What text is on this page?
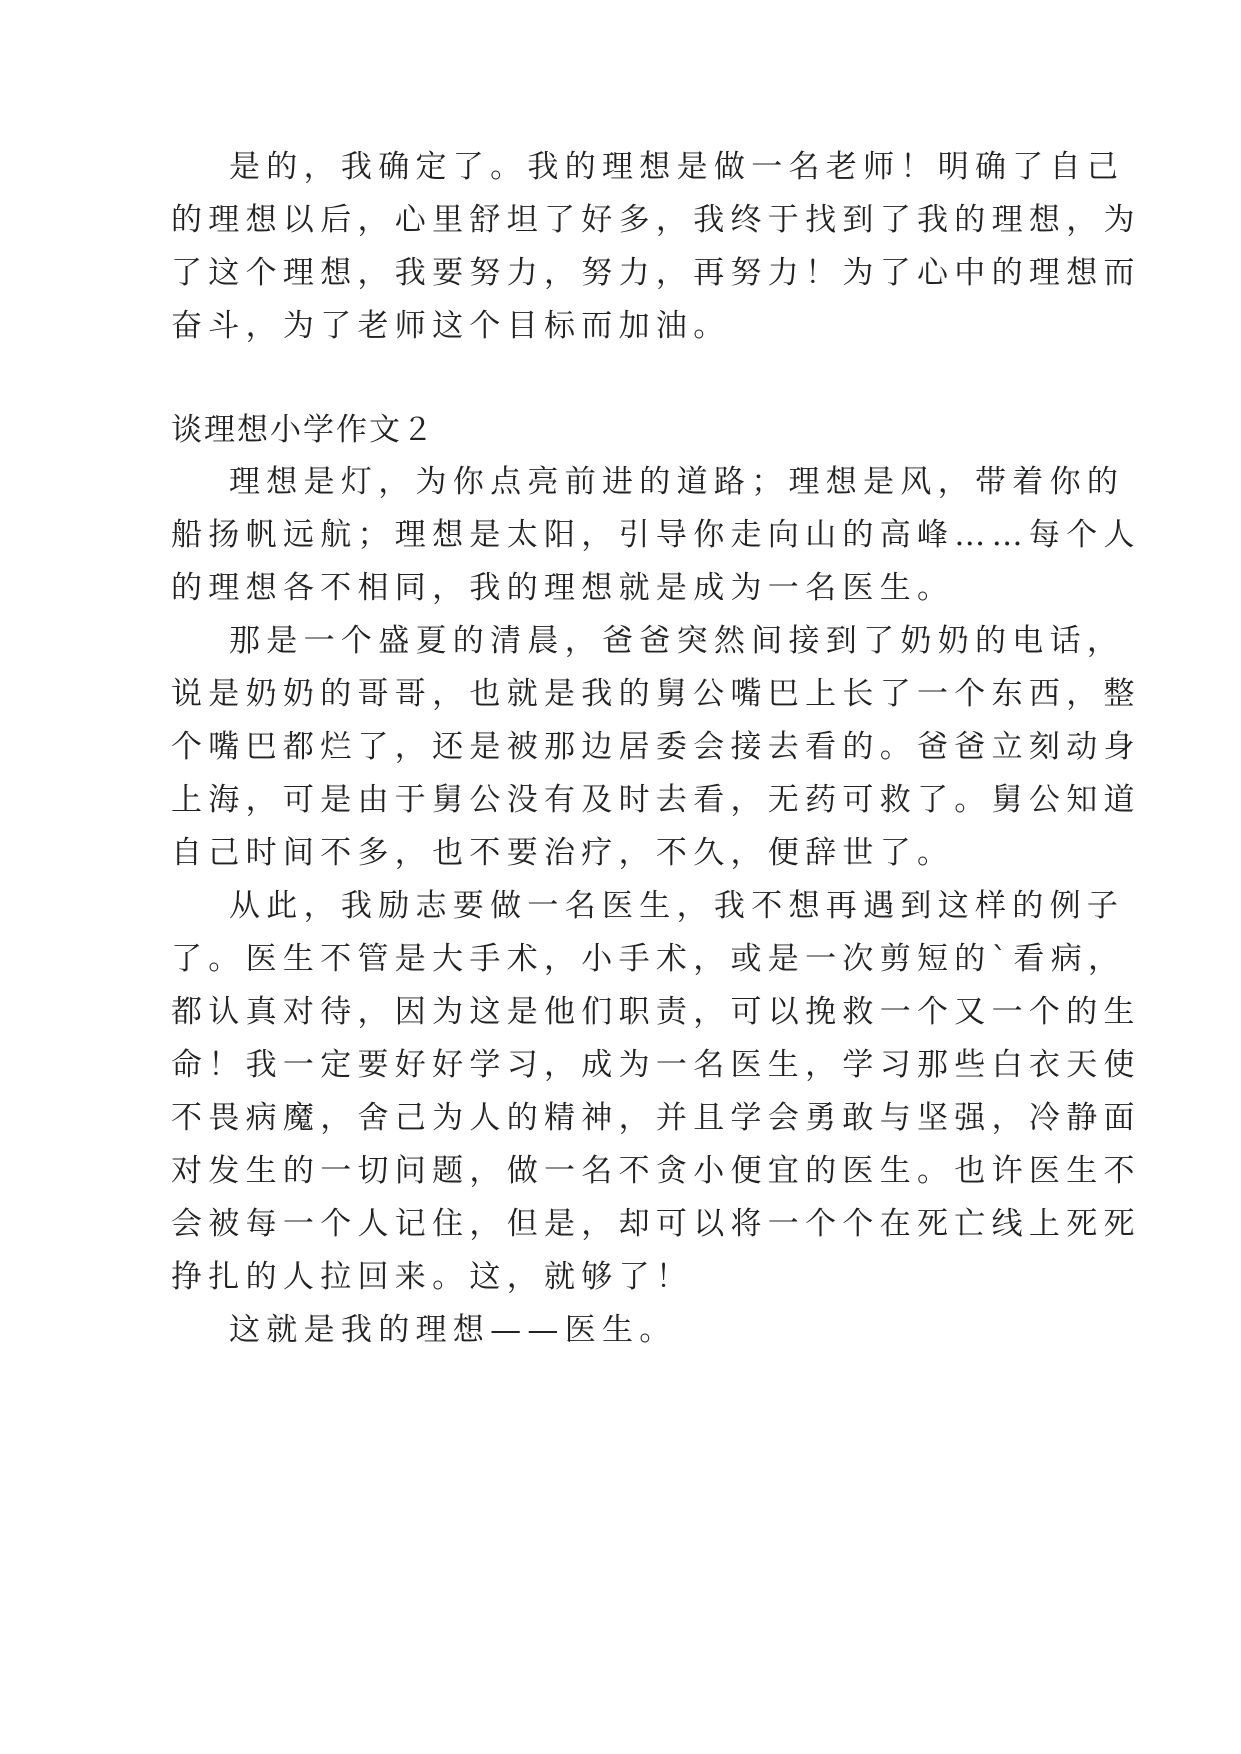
是的，我确定了。我的理想是做一名老师！明确了自己
的理想以后，心里舒坦了好多，我终于找到了我的理想，为
了这个理想，我要努力，努力，再努力！为了心中的理想而
奋斗，为了老师这个目标而加油。
谈理想小学作文２
理想是灯，为你点亮前进的道路；理想是风，带着你的
船扬帆远航；理想是太阳，引导你走向山的高峰……每个人
的理想各不相同，我的理想就是成为一名医生。
那是一个盛夏的清晨，爸爸突然间接到了奶奶的电话，
说是奶奶的哥哥，也就是我的舅公嘴巴上长了一个东西，整
个嘴巴都烂了，还是被那边居委会接去看的。爸爸立刻动身
上海，可是由于舅公没有及时去看，无药可救了。舅公知道
自己时间不多，也不要治疗，不久，便辞世了。
从此，我励志要做一名医生，我不想再遇到这样的例子
了。医生不管是大手术，小手术，或是一次剪短的`看病，
都认真对待，因为这是他们职责，可以挽救一个又一个的生
命！我一定要好好学习，成为一名医生，学习那些白衣天使
不畏病魔，舍己为人的精神，并且学会勇敢与坚强，冷静面
对发生的一切问题，做一名不贪小便宜的医生。也许医生不
会被每一个人记住，但是，却可以将一个个在死亡线上死死
挣扎的人拉回来。这，就够了！
这就是我的理想——医生。
